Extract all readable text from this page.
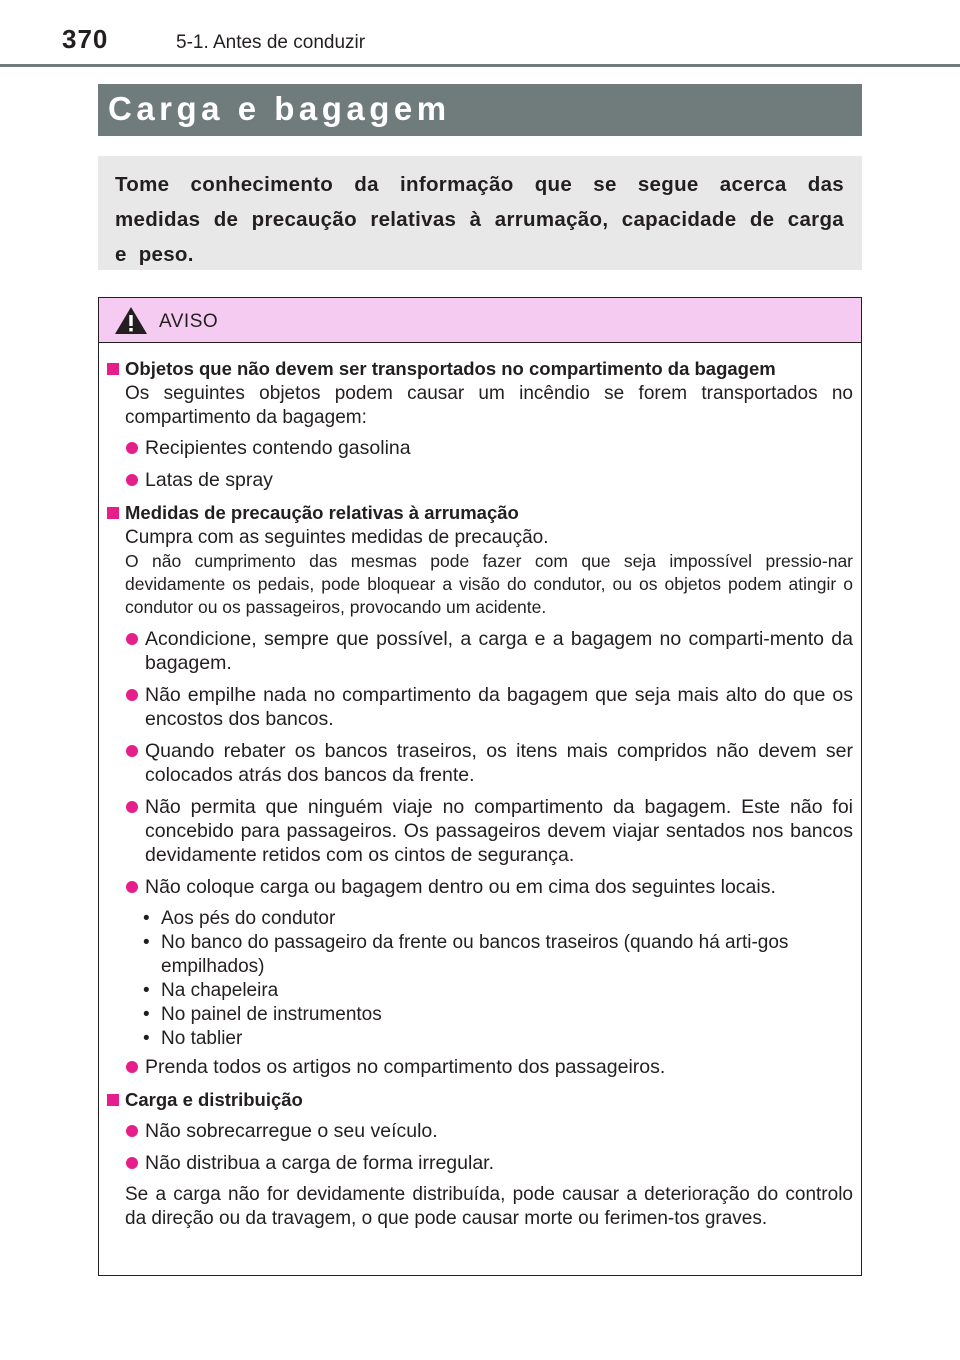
370	5-1. Antes de conduzir
Carga e bagagem
Tome conhecimento da informação que se segue acerca das medidas de precaução relativas à arrumação, capacidade de carga e peso.
AVISO
Objetos que não devem ser transportados no compartimento da bagagem
Os seguintes objetos podem causar um incêndio se forem transportados no compartimento da bagagem:
Recipientes contendo gasolina
Latas de spray
Medidas de precaução relativas à arrumação
Cumpra com as seguintes medidas de precaução.
O não cumprimento das mesmas pode fazer com que seja impossível pressio-nar devidamente os pedais, pode bloquear a visão do condutor, ou os objetos podem atingir o condutor ou os passageiros, provocando um acidente.
Acondicione, sempre que possível, a carga e a bagagem no comparti-mento da bagagem.
Não empilhe nada no compartimento da bagagem que seja mais alto do que os encostos dos bancos.
Quando rebater os bancos traseiros, os itens mais compridos não devem ser colocados atrás dos bancos da frente.
Não permita que ninguém viaje no compartimento da bagagem. Este não foi concebido para passageiros. Os passageiros devem viajar sentados nos bancos devidamente retidos com os cintos de segurança.
Não coloque carga ou bagagem dentro ou em cima dos seguintes locais.
• Aos pés do condutor
• No banco do passageiro da frente ou bancos traseiros (quando há arti-gos empilhados)
• Na chapeleira
• No painel de instrumentos
• No tablier
Prenda todos os artigos no compartimento dos passageiros.
Carga e distribuição
Não sobrecarregue o seu veículo.
Não distribua a carga de forma irregular.
Se a carga não for devidamente distribuída, pode causar a deterioração do controlo da direção ou da travagem, o que pode causar morte ou ferimen-tos graves.
